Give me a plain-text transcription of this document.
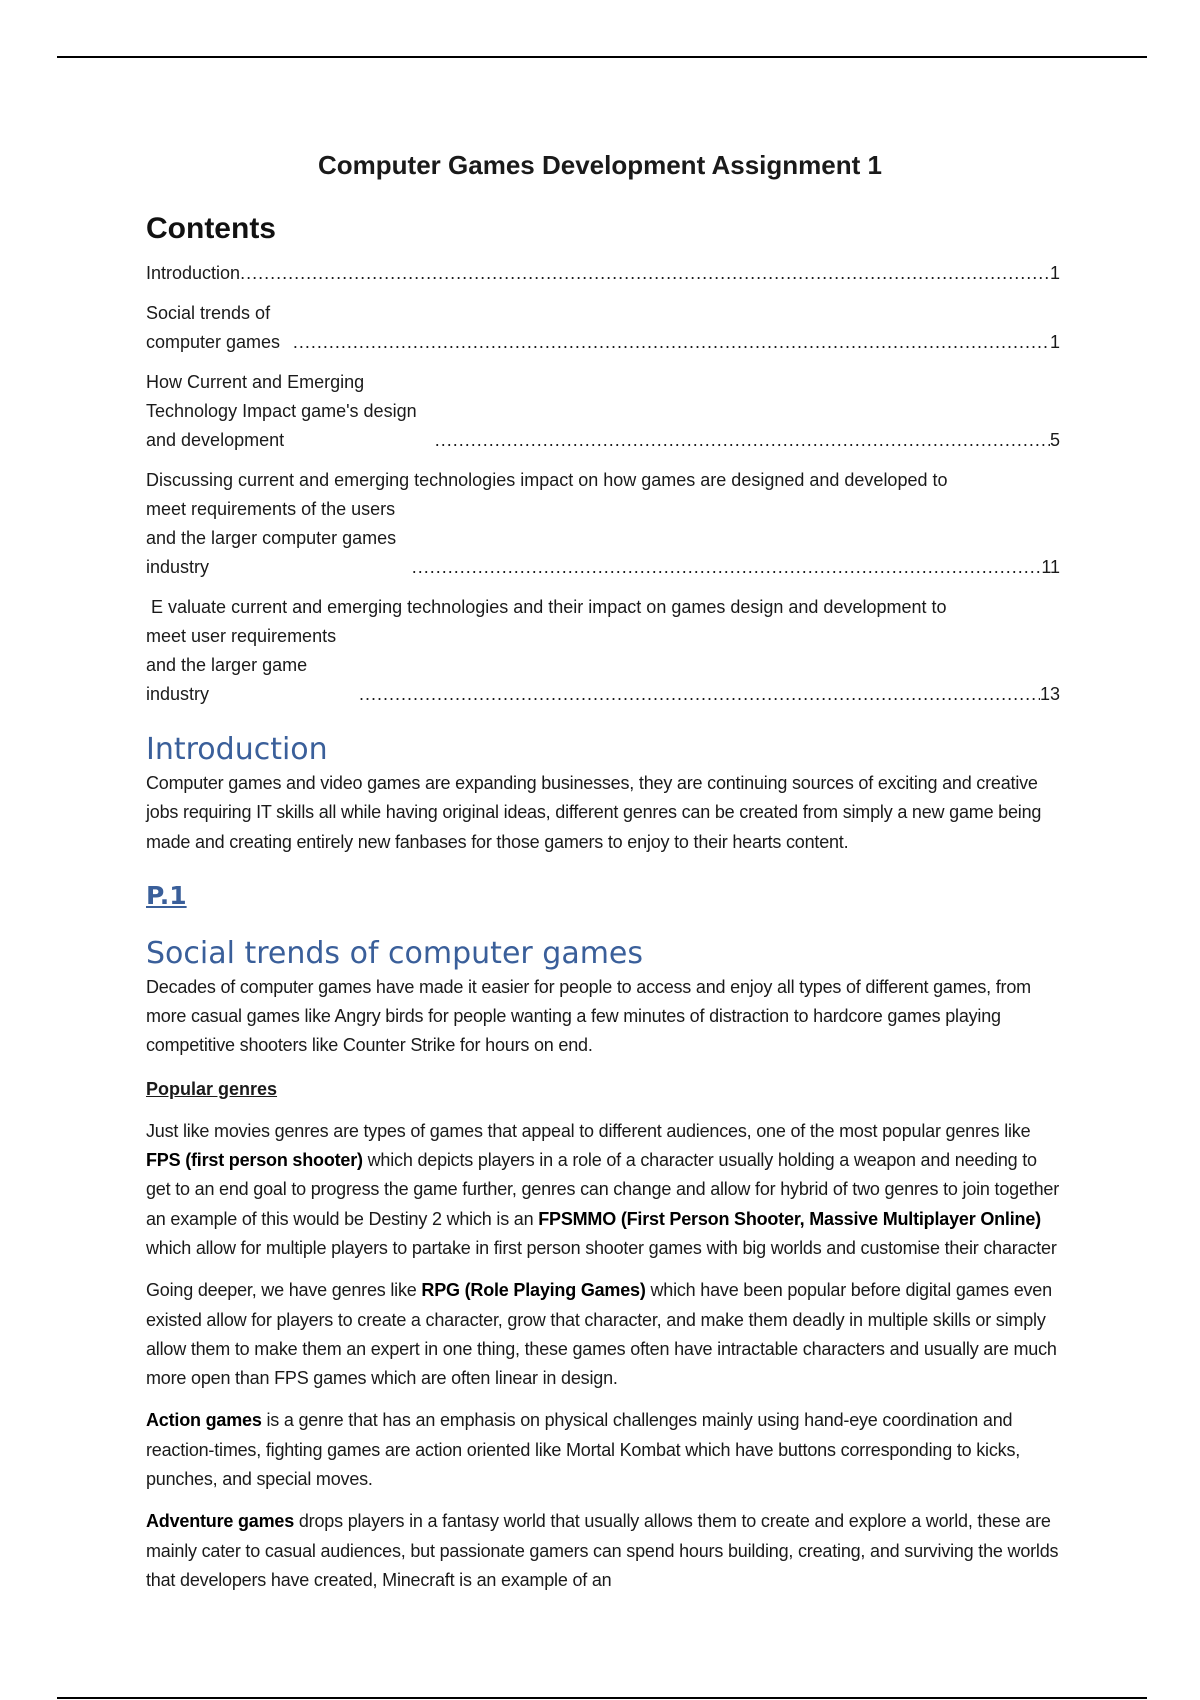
Computer Games Development Assignment 1
Contents
Introduction .....	1
Social trends of computer games .....	1
How Current and Emerging Technology Impact game's design and development .....	5
Discussing current and emerging technologies impact on how games are designed and developed to
meet requirements of the users and the larger computer games industry .....	11
E valuate current and emerging technologies and their impact on games design and development to
meet user requirements and the larger game industry .....	13
Introduction
Computer games and video games are expanding businesses, they are continuing sources of exciting and creative jobs requiring IT skills all while having original ideas, different genres can be created from simply a new game being made and creating entirely new fanbases for those gamers to enjoy to their hearts content.
P.1
Social trends of computer games
Decades of computer games have made it easier for people to access and enjoy all types of different games, from more casual games like Angry birds for people wanting a few minutes of distraction to hardcore games playing competitive shooters like Counter Strike for hours on end.
Popular genres
Just like movies genres are types of games that appeal to different audiences, one of the most popular genres like FPS (first person shooter) which depicts players in a role of a character usually holding a weapon and needing to get to an end goal to progress the game further, genres can change and allow for hybrid of two genres to join together an example of this would be Destiny 2 which is an FPSMMO (First Person Shooter, Massive Multiplayer Online) which allow for multiple players to partake in first person shooter games with big worlds and customise their character
Going deeper, we have genres like RPG (Role Playing Games) which have been popular before digital games even existed allow for players to create a character, grow that character, and make them deadly in multiple skills or simply allow them to make them an expert in one thing, these games often have intractable characters and usually are much more open than FPS games which are often linear in design.
Action games is a genre that has an emphasis on physical challenges mainly using hand-eye coordination and reaction-times, fighting games are action oriented like Mortal Kombat which have buttons corresponding to kicks, punches, and special moves.
Adventure games drops players in a fantasy world that usually allows them to create and explore a world, these are mainly cater to casual audiences, but passionate gamers can spend hours building, creating, and surviving the worlds that developers have created, Minecraft is an example of an
